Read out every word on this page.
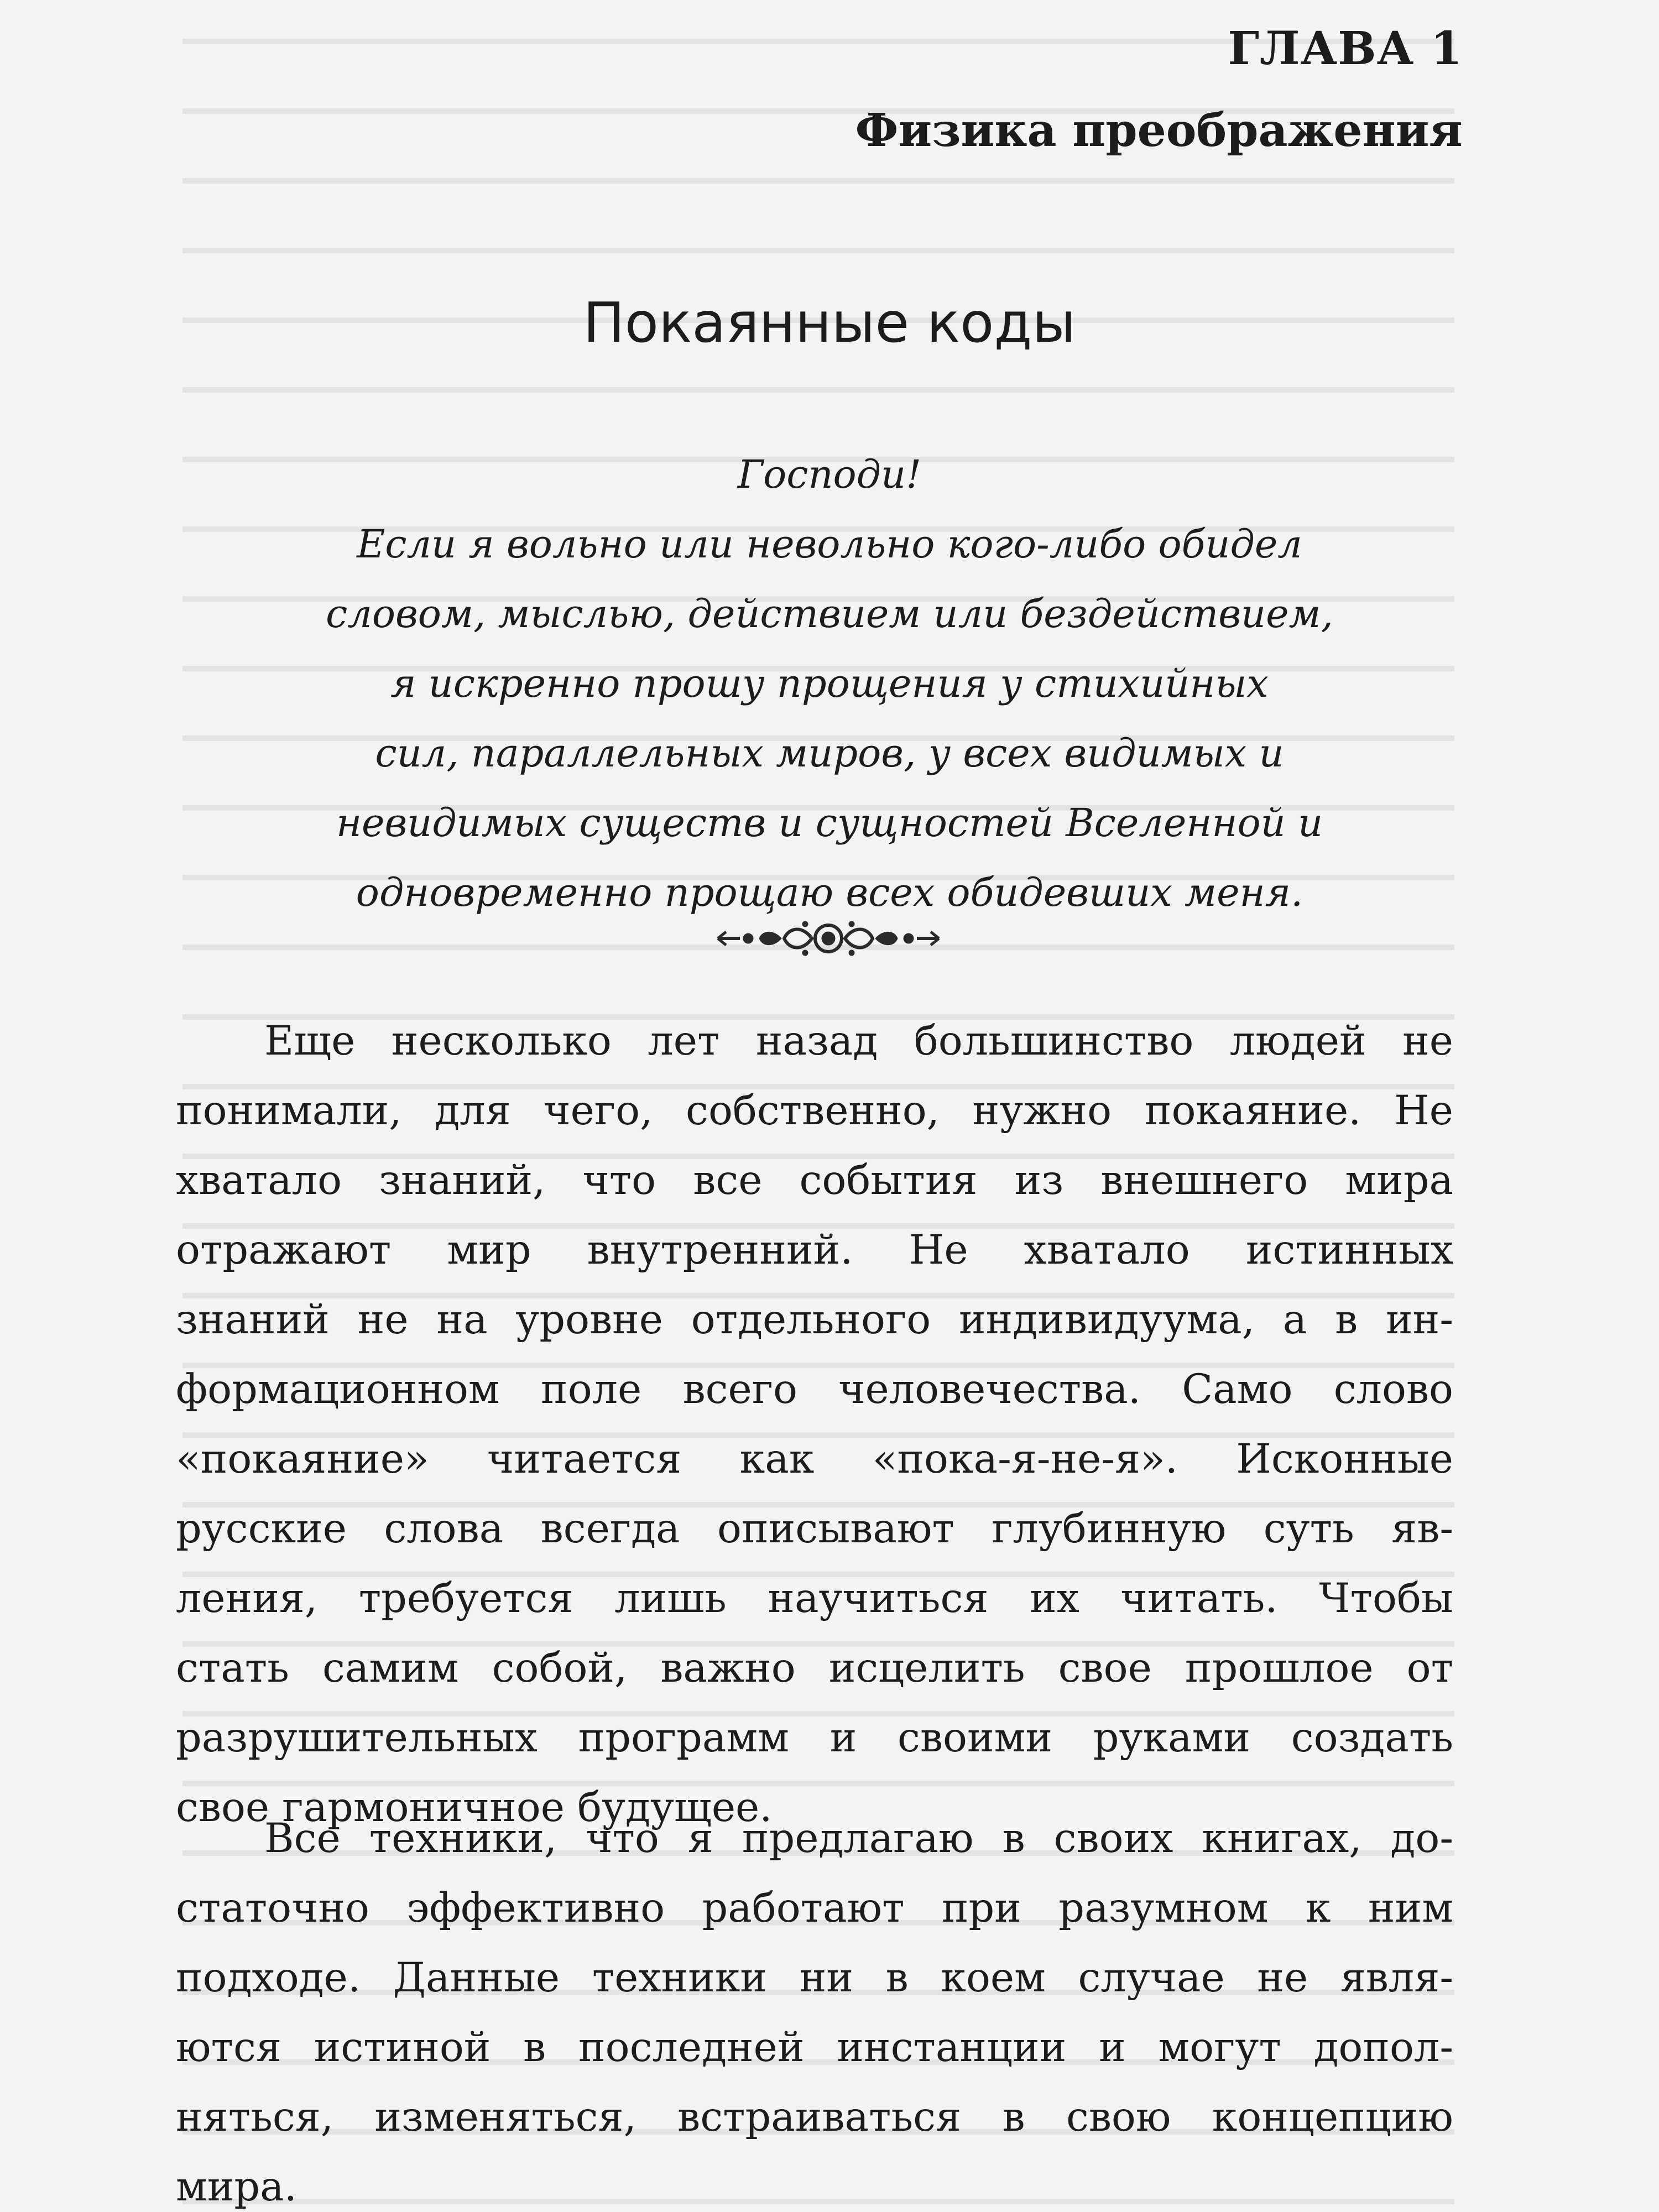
ГЛАВА 1
Физика преображения
Покаянные коды
Господи!
Если я вольно или невольно кого-либо обидел
словом, мыслью, действием или бездействием,
я искренно прошу прощения у стихийных
сил, параллельных миров, у всех видимых и
невидимых существ и сущностей Вселенной и
одновременно прощаю всех обидевших меня.
Еще несколько лет назад большинство людей не
понимали, для чего, собственно, нужно покаяние. Не
хватало знаний, что все события из внешнего мира
отражают мир внутренний. Не хватало истинных
знаний не на уровне отдельного индивидуума, а в ин-
формационном поле всего человечества. Само слово
«покаяние» читается как «пока-я-не-я». Исконные
русские слова всегда описывают глубинную суть яв-
ления, требуется лишь научиться их читать. Чтобы
стать самим собой, важно исцелить свое прошлое от
разрушительных программ и своими руками создать
свое гармоничное будущее.
Все техники, что я предлагаю в своих книгах, до-
статочно эффективно работают при разумном к ним
подходе. Данные техники ни в коем случае не явля-
ются истиной в последней инстанции и могут допол-
няться, изменяться, встраиваться в свою концепцию
мира.
